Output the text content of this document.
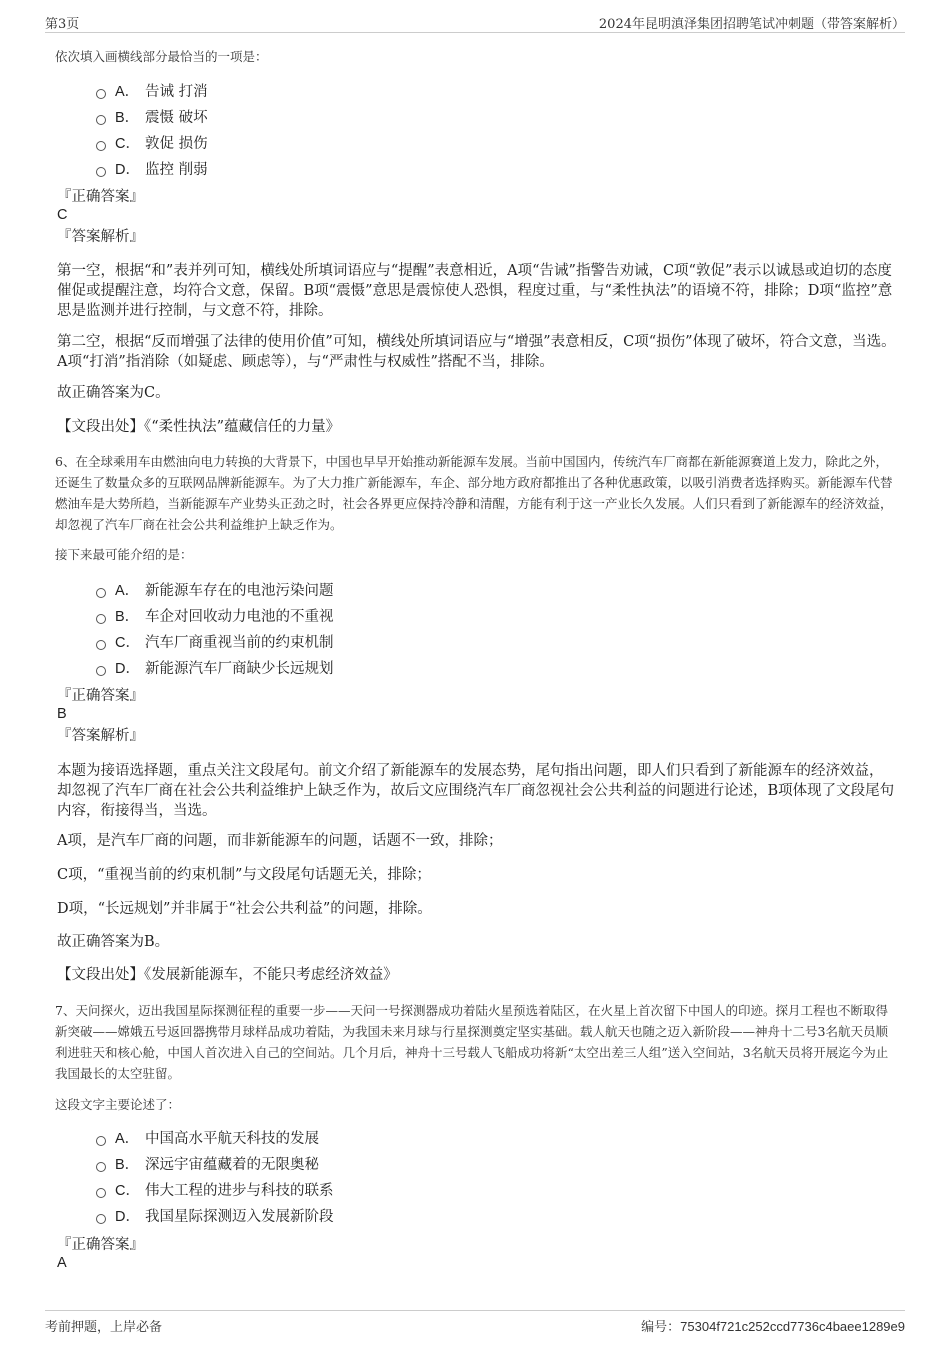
第3页	2024年昆明滇泽集团招聘笔试冲刺题（带答案解析）
依次填入画横线部分最恰当的一项是：
A． 告诫 打消
B． 震慑 破坏
C． 敦促 损伤
D． 监控 削弱
『正确答案』
C
『答案解析』
第一空，根据“和”表并列可知，横线处所填词语应与“提醒”表意相近，A项“告诫”指警告劝诫，C项“敦促”表示以诚恳或迫切的态度催促或提醒注意，均符合文意，保留。B项“震慑”意思是震惊使人恐惧，程度过重，与“柔性执法”的语境不符，排除；D项“监控”意思是监测并进行控制，与文意不符，排除。
第二空，根据“反而增强了法律的使用价值”可知，横线处所填词语应与“增强”表意相反，C项“损伤”体现了破坏，符合文意，当选。A项“打消”指消除（如疑虑、顾虑等），与“严肃性与权威性”搭配不当，排除。
故正确答案为C。
【文段出处】《“柔性执法”蕴藏信任的力量》
6、在全球乘用车由燃油向电力转换的大背景下，中国也早早开始推动新能源车发展。当前中国国内，传统汽车厂商都在新能源赛道上发力，除此之外，还诞生了数量众多的互联网品牌新能源车。为了大力推广新能源车，车企、部分地方政府都推出了各种优惠政策，以吸引消费者选择购买。新能源车代替燃油车是大势所趋，当新能源车产业势头正劲之时，社会各界更应保持冷静和清醒，方能有利于这一产业长久发展。人们只看到了新能源车的经济效益，却忽视了汽车厂商在社会公共利益维护上缺乏作为。
接下来最可能介绍的是：
A． 新能源车存在的电池污染问题
B． 车企对回收动力电池的不重视
C． 汽车厂商重视当前的约束机制
D． 新能源汽车厂商缺少长远规划
『正确答案』
B
『答案解析』
本题为接语选择题，重点关注文段尾句。前文介绍了新能源车的发展态势，尾句指出问题，即人们只看到了新能源车的经济效益，却忽视了汽车厂商在社会公共利益维护上缺乏作为，故后文应围绕汽车厂商忽视社会公共利益的问题进行论述，B项体现了文段尾句内容，衔接得当，当选。
A项，是汽车厂商的问题，而非新能源车的问题，话题不一致，排除；
C项，“重视当前的约束机制”与文段尾句话题无关，排除；
D项，“长远规划”并非属于“社会公共利益”的问题，排除。
故正确答案为B。
【文段出处】《发展新能源车，不能只考虑经济效益》
7、天问探火，迈出我国星际探测征程的重要一步——天问一号探测器成功着陆火星预选着陆区，在火星上首次留下中国人的印迹。探月工程也不断取得新突破——嫦娥五号返回器携带月球样品成功着陆，为我国未来月球与行星探测奠定坚实基础。载人航天也随之迈入新阶段——神舟十二号3名航天员顺利进驻天和核心舱，中国人首次进入自己的空间站。几个月后，神舟十三号载人飞船成功将新“太空出差三人组”送入空间站，3名航天员将开展迄今为止我国最长的太空驻留。
这段文字主要论述了：
A． 中国高水平航天科技的发展
B． 深远宇宙蕴藏着的无限奥秘
C． 伟大工程的进步与科技的联系
D． 我国星际探测迈入发展新阶段
『正确答案』
A
考前押题，上岸必备	编号：75304f721c252ccd7736c4baee1289e9
